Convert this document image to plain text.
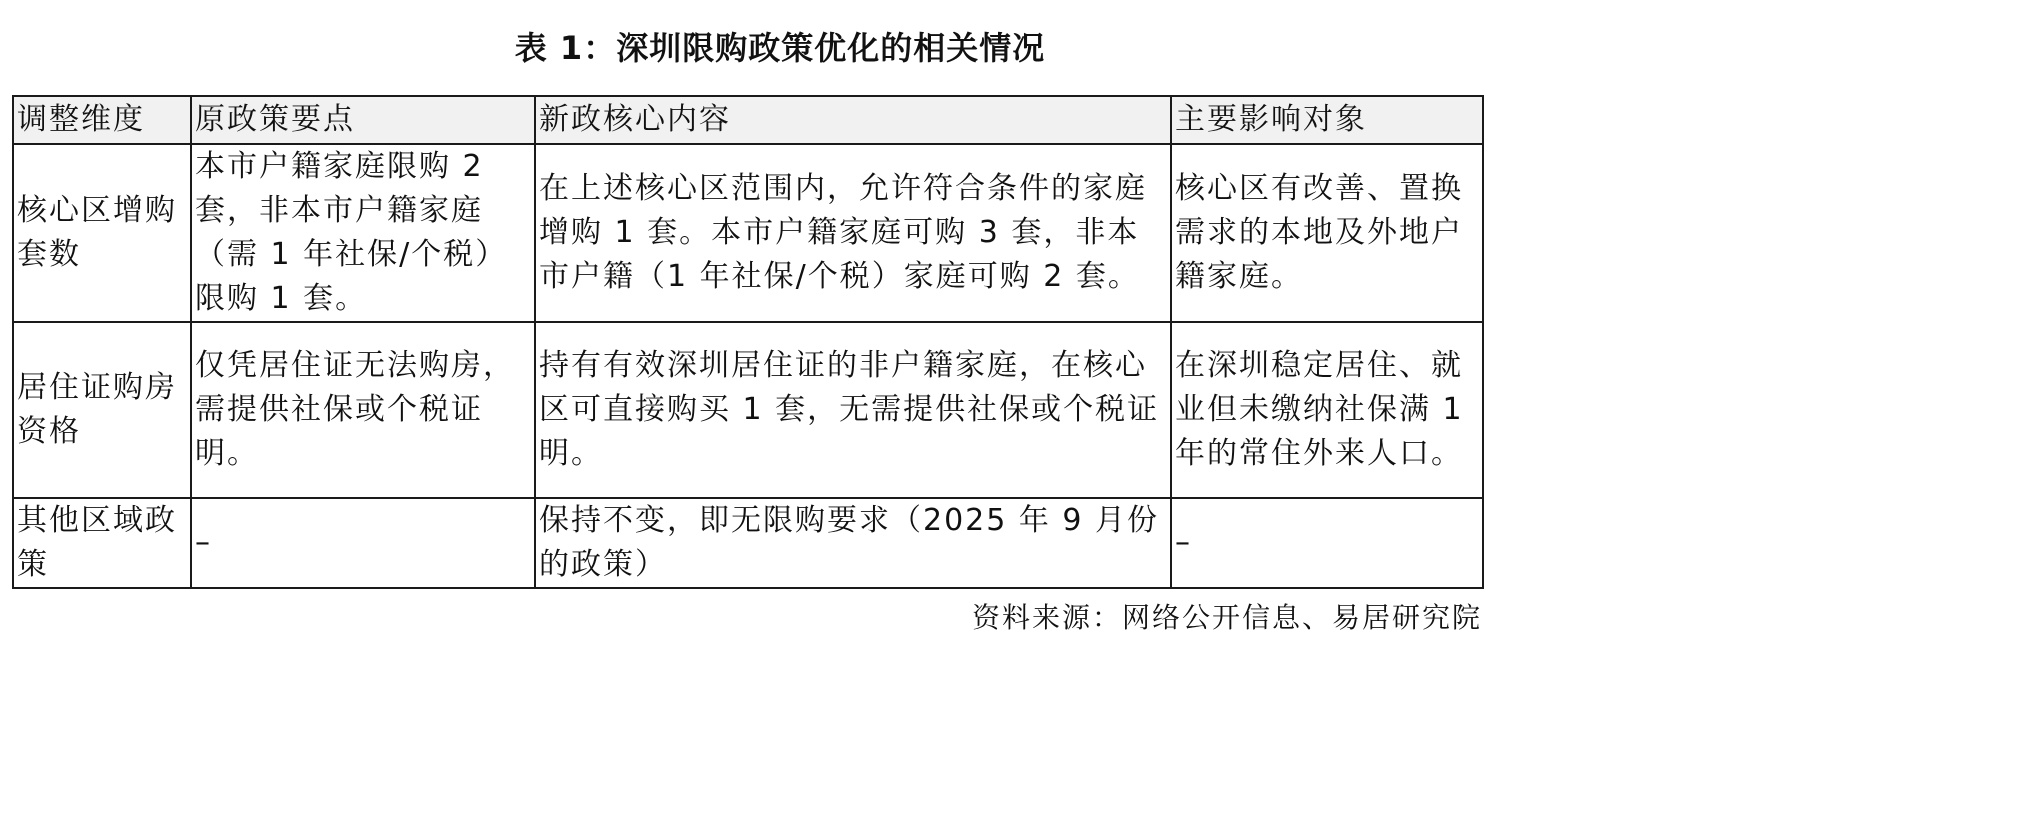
表 1：深圳限购政策优化的相关情况
调整维度	原政策要点	新政核心内容	主要影响对象
核心区增购套数	本市户籍家庭限购 2 套，非本市户籍家庭（需 1 年社保/个税）限购 1 套。	在上述核心区范围内，允许符合条件的家庭增购 1 套。本市户籍家庭可购 3 套，非本市户籍（1 年社保/个税）家庭可购 2 套。	核心区有改善、置换需求的本地及外地户籍家庭。
居住证购房资格	仅凭居住证无法购房，需提供社保或个税证明。	持有有效深圳居住证的非户籍家庭，在核心区可直接购买 1 套，无需提供社保或个税证明。	在深圳稳定居住、就业但未缴纳社保满 1 年的常住外来人口。
其他区域政策	–	保持不变，即无限购要求（2025 年 9 月份的政策）	–
资料来源：网络公开信息、易居研究院
